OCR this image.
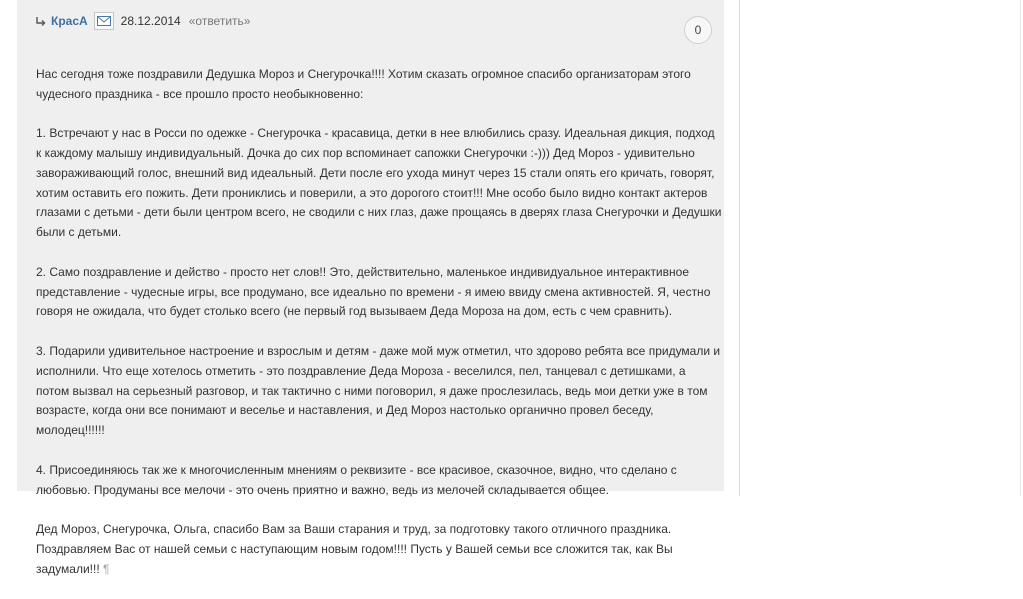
КрасА	28.12.2014 «ответить»
0

Нас сегодня тоже поздравили Дедушка Мороз и Снегурочка!!!! Хотим сказать огромное спасибо организаторам этого чудесного праздника - все прошло просто необыкновенно:

1. Встречают у нас в Росси по одежке - Снегурочка - красавица, детки в нее влюбились сразу. Идеальная дикция, подход к каждому малышу индивидуальный. Дочка до сих пор вспоминает сапожки Снегурочки :-))) Дед Мороз - удивительно завораживающий голос, внешний вид идеальный. Дети после его ухода минут через 15 стали опять его кричать, говорят, хотим оставить его пожить. Дети прониклись и поверили, а это дорогого стоит!!! Мне особо было видно контакт актеров глазами с детьми - дети были центром всего, не сводили с них глаз, даже прощаясь в дверях глаза Снегурочки и Дедушки были с детьми.

2. Само поздравление и действо - просто нет слов!! Это, действительно, маленькое индивидуальное интерактивное представление - чудесные игры, все продумано, все идеально по времени - я имею ввиду смена активностей. Я, честно говоря не ожидала, что будет столько всего (не первый год вызываем Деда Мороза на дом, есть с чем сравнить).

3. Подарили удивительное настроение и взрослым и детям - даже мой муж отметил, что здорово ребята все придумали и исполнили. Что еще хотелось отметить - это поздравление Деда Мороза - веселился, пел, танцевал с детишками, а потом вызвал на серьезный разговор, и так тактично с ними поговорил, я даже прослезилась, ведь мои детки уже в том возрасте, когда они все понимают и веселье и наставления, и Дед Мороз настолько органично провел беседу, молодец!!!!!!

4. Присоединяюсь так же к многочисленным мнениям о реквизите - все красивое, сказочное, видно, что сделано с любовью. Продуманы все мелочи - это очень приятно и важно, ведь из мелочей складывается общее.

Дед Мороз, Снегурочка, Ольга, спасибо Вам за Ваши старания и труд, за подготовку такого отличного праздника. Поздравляем Вас от нашей семьи с наступающим новым годом!!!! Пусть у Вашей семьи все сложится так, как Вы задумали!!! ¶
